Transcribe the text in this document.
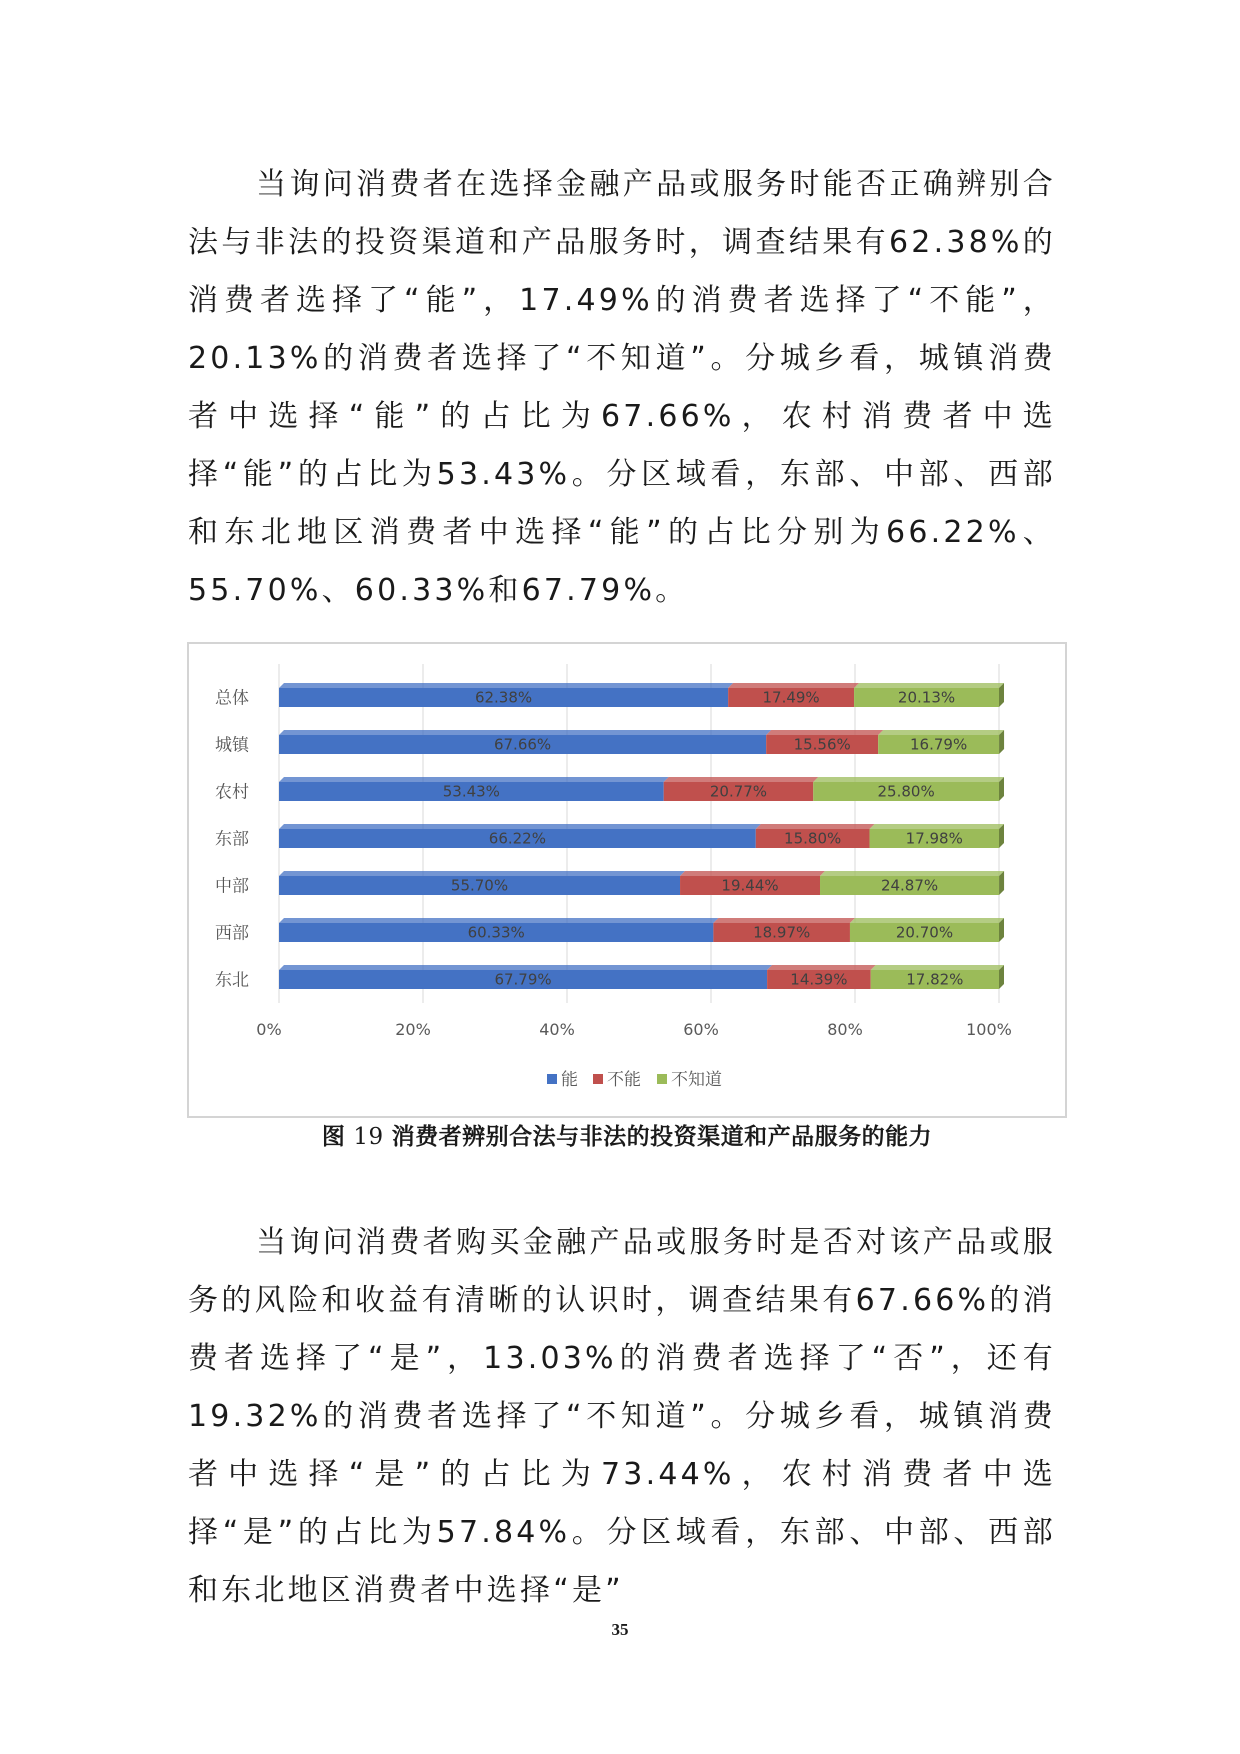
当询问消费者在选择金融产品或服务时能否正确辨别合法与非法的投资渠道和产品服务时，调查结果有62.38%的消费者选择了“能”，17.49%的消费者选择了“不能”，20.13%的消费者选择了“不知道”。分城乡看，城镇消费者中选择“能”的占比为67.66%，农村消费者中选择“能”的占比为53.43%。分区域看，东部、中部、西部和东北地区消费者中选择“能”的占比分别为66.22%、55.70%、60.33%和67.79%。

0%	20%	40%	60%	80%	100%
总体	62.38%	17.49%	20.13%
城镇	67.66%	15.56%	16.79%
农村	53.43%	20.77%	25.80%
东部	66.22%	15.80%	17.98%
中部	55.70%	19.44%	24.87%
西部	60.33%	18.97%	20.70%
东北	67.79%	14.39%	17.82%
能 不能 不知道
图 19 消费者辨别合法与非法的投资渠道和产品服务的能力

当询问消费者购买金融产品或服务时是否对该产品或服务的风险和收益有清晰的认识时，调查结果有67.66%的消费者选择了“是”，13.03%的消费者选择了“否”，还有19.32%的消费者选择了“不知道”。分城乡看，城镇消费者中选择“是”的占比为73.44%，农村消费者中选择“是”的占比为57.84%。分区域看，东部、中部、西部和东北地区消费者中选择“是”

35
